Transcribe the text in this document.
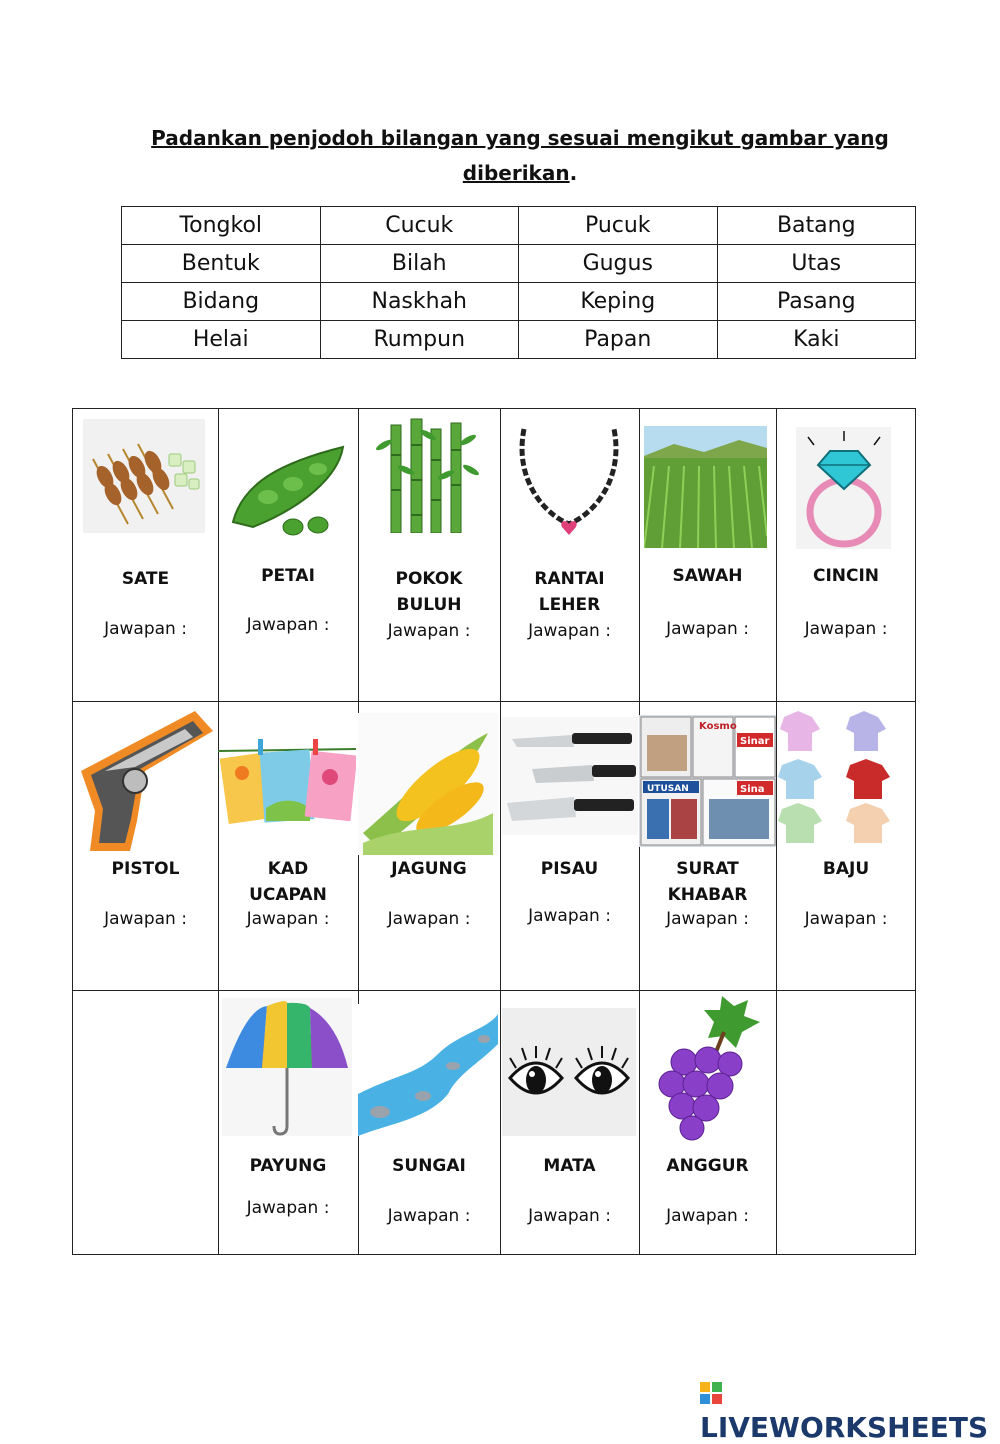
Padankan penjodoh bilangan yang sesuai mengikut gambar yang
diberikan.
Tongkol	Cucuk	Pucuk	Batang
Bentuk	Bilah	Gugus	Utas
Bidang	Naskhah	Keping	Pasang
Helai	Rumpun	Papan	Kaki
SATE
Jawapan :
PETAI
Jawapan :
POKOK
BULUH
Jawapan :
RANTAI
LEHER
Jawapan :
SAWAH
Jawapan :
CINCIN
Jawapan :
PISTOL
Jawapan :
KAD
UCAPAN
Jawapan :
JAGUNG
Jawapan :
PISAU
Jawapan :
Kosmo
Sinar
UTUSAN	Sina
SURAT
KHABAR
Jawapan :
BAJU
Jawapan :
PAYUNG
Jawapan :
SUNGAI
Jawapan :
MATA
Jawapan :
ANGGUR
Jawapan :
LIVEWORKSHEETS
